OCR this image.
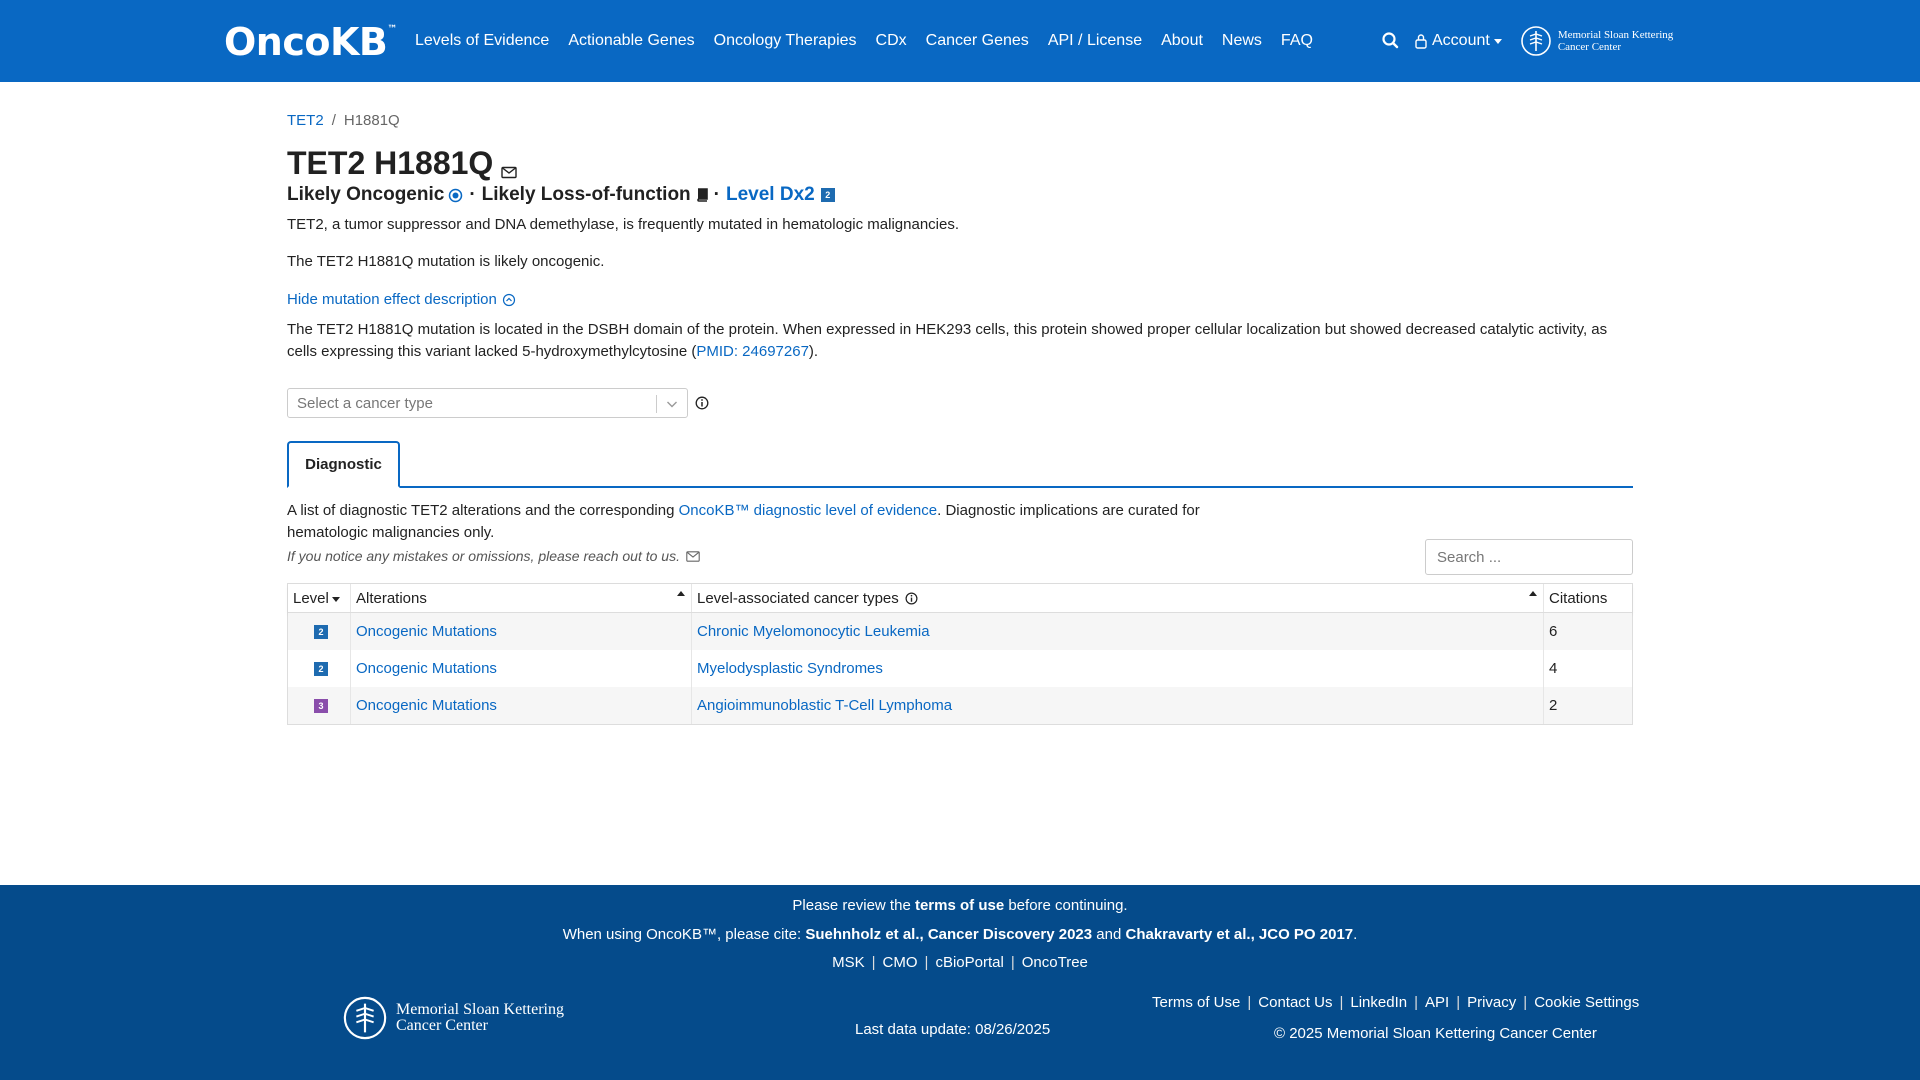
OncoKB™
Levels of Evidence Actionable Genes Oncology Therapies CDx Cancer Genes API / License About News FAQ	Account	Memorial Sloan Kettering
Cancer Center
TET2 / H1881Q
TET2 H1881Q
Likely Oncogenic · Likely Loss-of-function · Level Dx2	2
TET2, a tumor suppressor and DNA demethylase, is frequently mutated in hematologic malignancies.
The TET2 H1881Q mutation is likely oncogenic.
Hide mutation effect description
The TET2 H1881Q mutation is located in the DSBH domain of the protein. When expressed in HEK293 cells, this protein showed proper cellular localization but showed decreased catalytic activity, as cells expressing this variant lacked 5-hydroxymethylcytosine (PMID: 24697267).
Select a cancer type
Diagnostic
A list of diagnostic TET2 alterations and the corresponding OncoKB™ diagnostic level of evidence. Diagnostic implications are curated for
hematologic malignancies only.
If you notice any mistakes or omissions, please reach out to us.	Search ...
Level Alterations	Level-associated cancer types	Citations
2	Oncogenic Mutations	Chronic Myelomonocytic Leukemia	6
2	Oncogenic Mutations	Myelodysplastic Syndromes	4
3	Oncogenic Mutations	Angioimmunoblastic T-Cell Lymphoma	2
Please review the terms of use before continuing.
When using OncoKB™, please cite: Suehnholz et al., Cancer Discovery 2023 and Chakravarty et al., JCO PO 2017.
MSK | CMO | cBioPortal | OncoTree
Memorial Sloan Kettering
Cancer Center	Last data update: 08/26/2025
Terms of Use | Contact Us | LinkedIn | API | Privacy | Cookie Settings
© 2025 Memorial Sloan Kettering Cancer Center
